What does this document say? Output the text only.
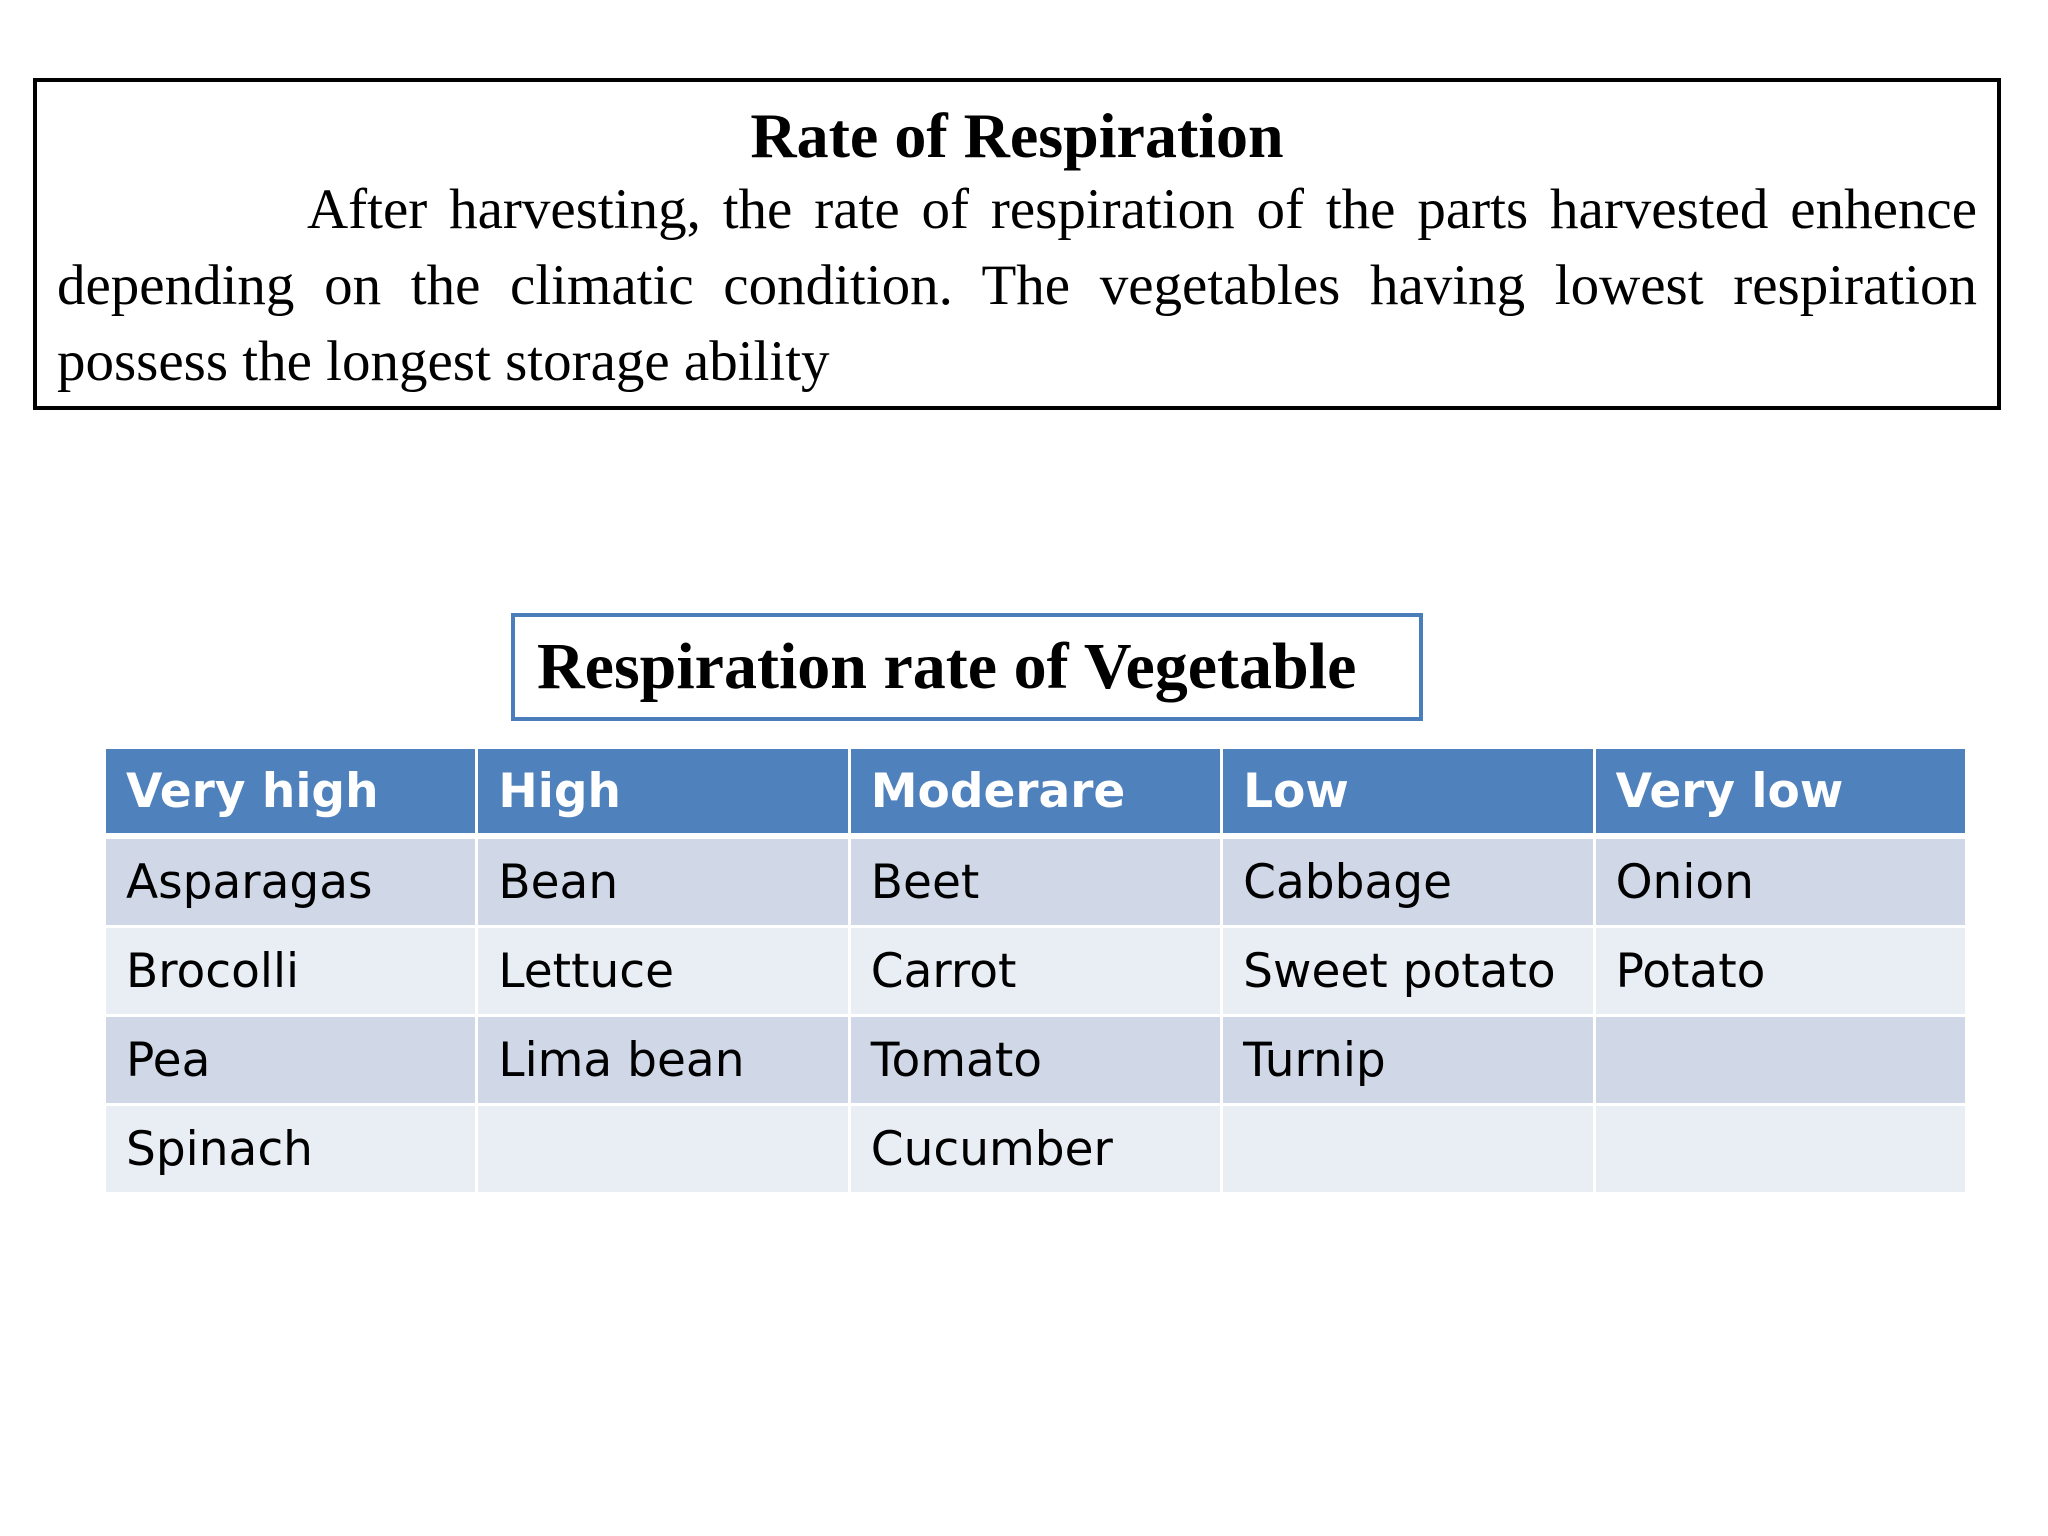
Rate of Respiration

After harvesting, the rate of respiration of the parts harvested enhence depending on the climatic condition. The vegetables having lowest respiration possess the longest storage ability

Respiration rate of Vegetable
Very high	High	Moderare	Low	Very low
Asparagas	Bean	Beet	Cabbage	Onion
Brocolli	Lettuce	Carrot	Sweet potato	Potato
Pea	Lima bean	Tomato	Turnip	
Spinach		Cucumber		
